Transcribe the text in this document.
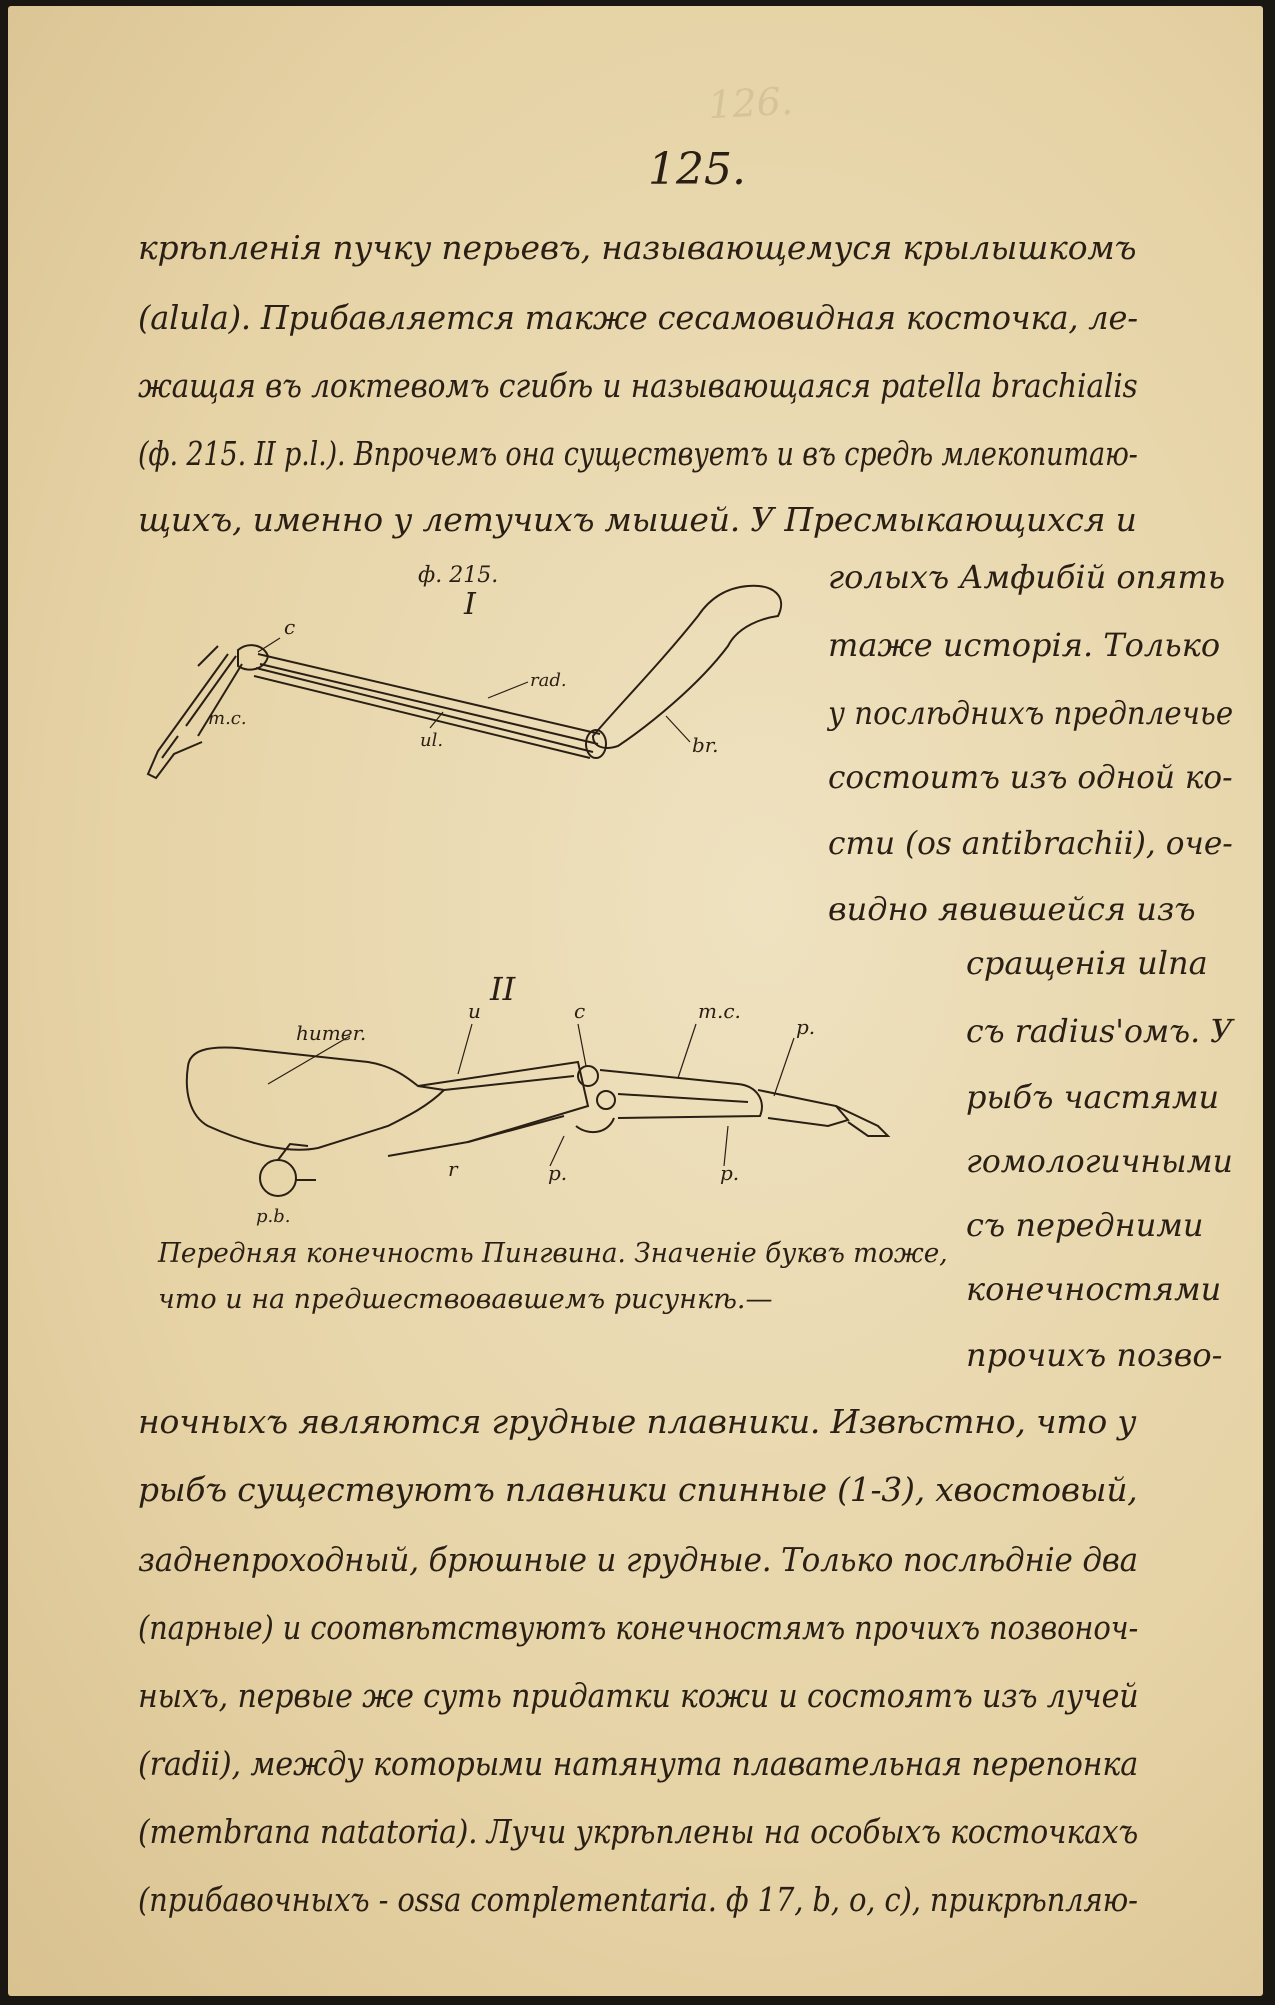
126.
125.
крѣпленія пучку перьевъ, называющемуся крылышкомъ
(alula). Прибавляется также сесамовидная косточка, ле-
жащая въ локтевомъ сгибѣ и называющаяся patella brachialis
(ф. 215. II p.l.). Впрочемъ она существуетъ и въ средѣ млекопитаю-
щихъ, именно у летучихъ мышей. У Пресмыкающихся и
ф. 215.
I
c
rad.
m.c.
ul.	br.
голыхъ Амфибій опять
таже исторія. Только
у послѣднихъ предплечье
состоитъ изъ одной ко-
сти (os antibrachii), оче-
видно явившейся изъ
II
humer.
u	c	m.c.
p.
p.	p.
r
p.b.
сращенія ulna
съ radius'омъ. У
рыбъ частями
гомологичными
съ передними
конечностями
прочихъ позво-
Передняя конечность Пингвина. Значеніе буквъ тоже,
что и на предшествовавшемъ рисункѣ.—
ночныхъ являются грудные плавники. Извѣстно, что у
рыбъ существуютъ плавники спинные (1-3), хвостовый,
заднепроходный, брюшные и грудные. Только послѣдніе два
(парные) и соотвѣтствуютъ конечностямъ прочихъ позвоноч-
ныхъ, первые же суть придатки кожи и состоятъ изъ лучей
(radii), между которыми натянута плавательная перепонка
(membrana natatoria). Лучи укрѣплены на особыхъ косточкахъ
(прибавочныхъ - ossa complementaria. ф 17, b, o, c), прикрѣпляю-
